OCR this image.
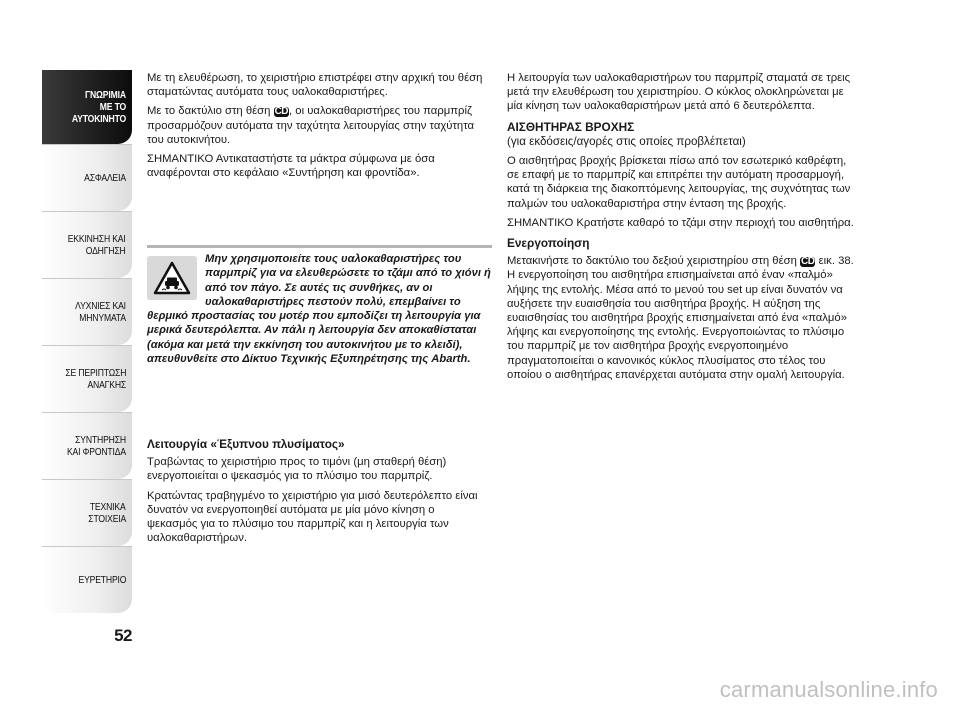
ΓΝΩΡΙΜΙΑ
ΜΕ ΤΟ
ΑΥΤΟΚΙΝΗΤΟ
ΑΣΦΑΛΕΙΑ
ΕΚΚΙΝΗΣΗ ΚΑΙ
ΟΔΗΓΗΣΗ
ΛΥΧΝΙΕΣ ΚΑΙ
ΜΗΝΥΜΑΤΑ
ΣΕ ΠΕΡΙΠΤΩΣΗ
ΑΝΑΓΚΗΣ
ΣΥΝΤΗΡΗΣΗ
ΚΑΙ ΦΡΟΝΤΙΔΑ
ΤΕΧΝΙΚΑ
ΣΤΟΙΧΕΙΑ
ΕΥΡΕΤΗΡΙΟ
52

Με τη ελευθέρωση, το χειριστήριο επιστρέφει στην αρχική του θέση σταματώντας αυτόματα τους υαλοκαθαριστήρες.

Με το δακτύλιο στη θέση CD, οι υαλοκαθαριστήρες του παρμπρίζ προσαρμόζουν αυτόματα την ταχύτητα λειτουργίας στην ταχύτητα του αυτοκινήτου.

ΣΗΜΑΝΤΙΚΟ Αντικαταστήστε τα μάκτρα σύμφωνα με όσα αναφέρονται στο κεφάλαιο «Συντήρηση και φροντίδα».

Μην χρησιμοποιείτε τους υαλοκαθαριστήρες του παρμπρίζ για να ελευθερώσετε το τζάμι από το χιόνι ή από τον πάγο. Σε αυτές τις συνθήκες, αν οι υαλοκαθαριστήρες πεστούν πολύ, επεμβαίνει το θερμικό προστασίας του μοτέρ που εμποδίζει τη λειτουργία για μερικά δευτερόλεπτα. Αν πάλι η λειτουργία δεν αποκαθίσταται (ακόμα και μετά την εκκίνηση του αυτοκινήτου με το κλειδί), απευθυνθείτε στο Δίκτυο Τεχνικής Εξυπηρέτησης της Abarth.

Λειτουργία «Έξυπνου πλυσίματος»

Τραβώντας το χειριστήριο προς το τιμόνι (μη σταθερή θέση) ενεργοποιείται ο ψεκασμός για το πλύσιμο του παρμπρίζ.

Κρατώντας τραβηγμένο το χειριστήριο για μισό δευτερόλεπτο είναι δυνατόν να ενεργοποιηθεί αυτόματα με μία μόνο κίνηση ο ψεκασμός για το πλύσιμο του παρμπρίζ και η λειτουργία των υαλοκαθαριστήρων.

Η λειτουργία των υαλοκαθαριστήρων του παρμπρίζ σταματά σε τρεις μετά την ελευθέρωση του χειριστηρίου. Ο κύκλος ολοκληρώνεται με μία κίνηση των υαλοκαθαριστήρων μετά από 6 δευτερόλεπτα.

ΑΙΣΘΗΤΗΡΑΣ ΒΡΟΧΗΣ

(για εκδόσεις/αγορές στις οποίες προβλέπεται)

Ο αισθητήρας βροχής βρίσκεται πίσω από τον εσωτερικό καθρέφτη, σε επαφή με το παρμπρίζ και επιτρέπει την αυτόματη προσαρμογή, κατά τη διάρκεια της διακοπτόμενης λειτουργίας, της συχνότητας των παλμών του υαλοκαθαριστήρα στην ένταση της βροχής.

ΣΗΜΑΝΤΙΚΟ Κρατήστε καθαρό το τζάμι στην περιοχή του αισθητήρα.

Ενεργοποίηση

Μετακινήστε το δακτύλιο του δεξιού χειριστηρίου στη θέση CD εικ. 38. Η ενεργοποίηση του αισθητήρα επισημαίνεται από έναν «παλμό» λήψης της εντολής. Μέσα από το μενού του set up είναι δυνατόν να αυξήσετε την ευαισθησία του αισθητήρα βροχής. Η αύξηση της ευαισθησίας του αισθητήρα βροχής επισημαίνεται από ένα «παλμό» λήψης και ενεργοποίησης της εντολής. Ενεργοποιώντας το πλύσιμο του παρμπρίζ με τον αισθητήρα βροχής ενεργοποιημένο πραγματοποιείται ο κανονικός κύκλος πλυσίματος στο τέλος του οποίου ο αισθητήρας επανέρχεται αυτόματα στην ομαλή λειτουργία.

carmanualsonline.info
